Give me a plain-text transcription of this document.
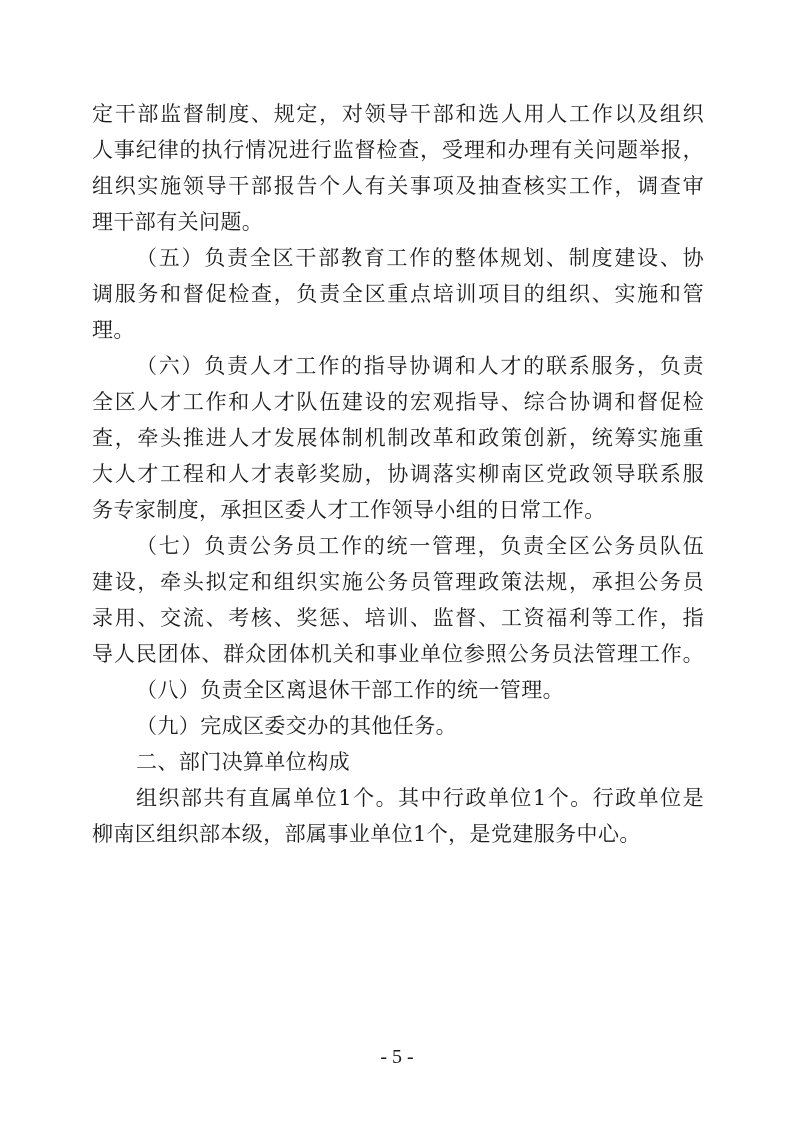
定干部监督制度、规定，对领导干部和选人用人工作以及组织
人事纪律的执行情况进行监督检查，受理和办理有关问题举报，
组织实施领导干部报告个人有关事项及抽查核实工作，调查审
理干部有关问题。
（五）负责全区干部教育工作的整体规划、制度建设、协
调服务和督促检查，负责全区重点培训项目的组织、实施和管
理。
（六）负责人才工作的指导协调和人才的联系服务，负责
全区人才工作和人才队伍建设的宏观指导、综合协调和督促检
查，牵头推进人才发展体制机制改革和政策创新，统筹实施重
大人才工程和人才表彰奖励，协调落实柳南区党政领导联系服
务专家制度，承担区委人才工作领导小组的日常工作。
（七）负责公务员工作的统一管理，负责全区公务员队伍
建设，牵头拟定和组织实施公务员管理政策法规，承担公务员
录用、交流、考核、奖惩、培训、监督、工资福利等工作，指
导人民团体、群众团体机关和事业单位参照公务员法管理工作。
（八）负责全区离退休干部工作的统一管理。
（九）完成区委交办的其他任务。
二、部门决算单位构成
组织部共有直属单位1个。其中行政单位1个。行政单位是
柳南区组织部本级，部属事业单位1个，是党建服务中心。
- 5 -
